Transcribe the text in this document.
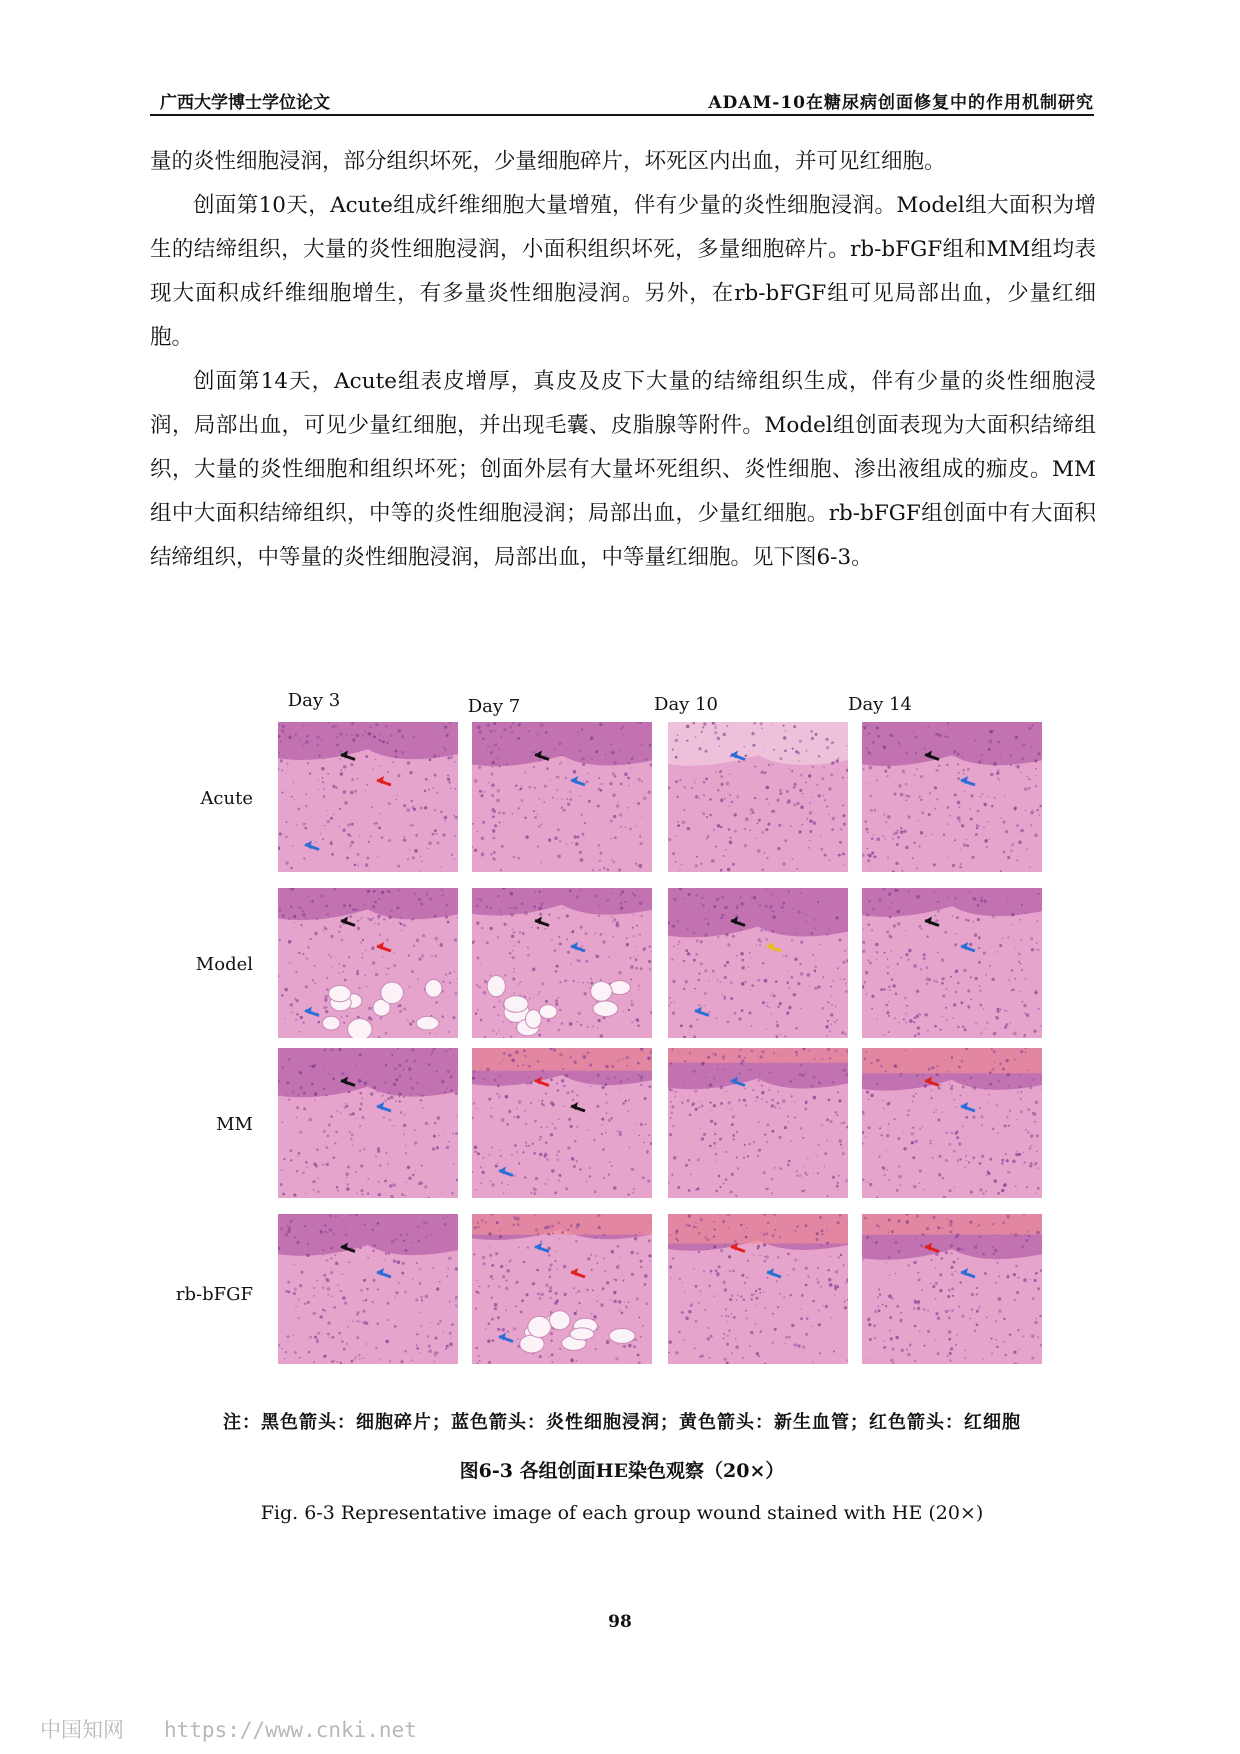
广西大学博士学位论文	ADAM-10在糖尿病创面修复中的作用机制研究

量的炎性细胞浸润，部分组织坏死，少量细胞碎片，坏死区内出血，并可见红细胞。

创面第10天，Acute组成纤维细胞大量增殖，伴有少量的炎性细胞浸润。Model组大面积为增生的结缔组织，大量的炎性细胞浸润，小面积组织坏死，多量细胞碎片。rb-bFGF组和MM组均表现大面积成纤维细胞增生，有多量炎性细胞浸润。另外，在rb-bFGF组可见局部出血，少量红细胞。

创面第14天，Acute组表皮增厚，真皮及皮下大量的结缔组织生成，伴有少量的炎性细胞浸润，局部出血，可见少量红细胞，并出现毛囊、皮脂腺等附件。Model组创面表现为大面积结缔组织，大量的炎性细胞和组织坏死；创面外层有大量坏死组织、炎性细胞、渗出液组成的痂皮。MM组中大面积结缔组织，中等的炎性细胞浸润；局部出血，少量红细胞。rb-bFGF组创面中有大面积结缔组织，中等量的炎性细胞浸润，局部出血，中等量红细胞。见下图6-3。

Day 3	Day 7	Day 10	Day 14
Acute
Model
MM
rb-bFGF
注：黑色箭头：细胞碎片；蓝色箭头：炎性细胞浸润；黄色箭头：新生血管；红色箭头：红细胞
图6-3 各组创面HE染色观察（20×）
Fig. 6-3 Representative image of each group wound stained with HE (20×)
98
中国知网 https://www.cnki.net
